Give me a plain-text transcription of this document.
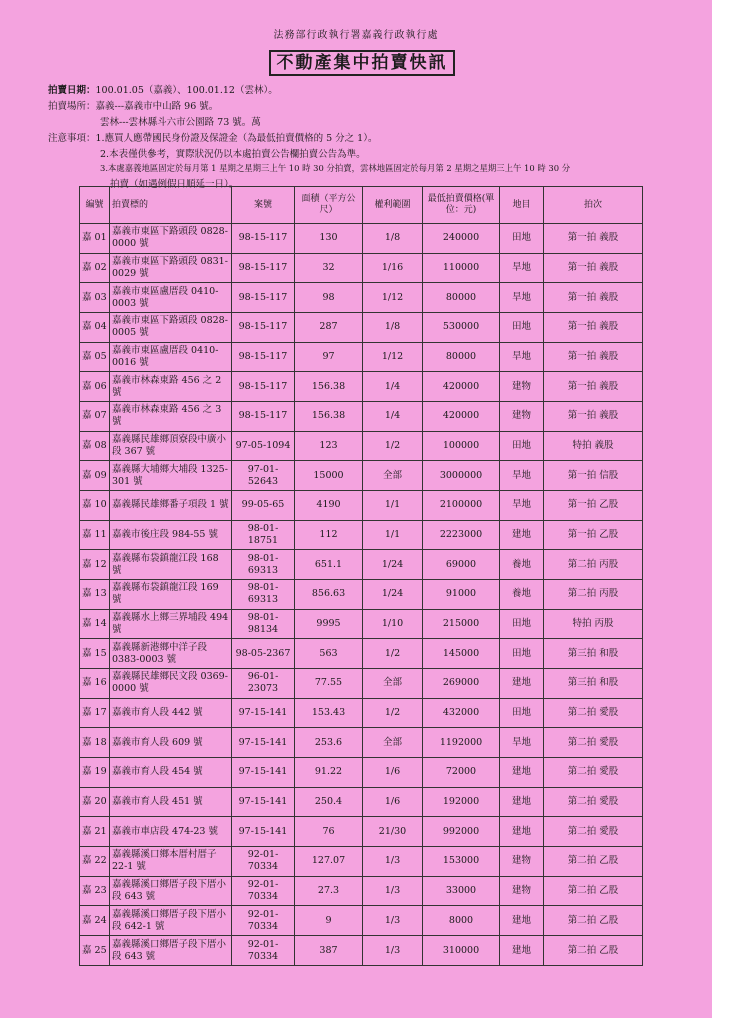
法務部行政執行署嘉義行政執行處
不動產集中拍賣快訊
拍賣日期：100.01.05（嘉義）、100.01.12（雲林）。
拍賣場所：嘉義---嘉義市中山路 96 號。
雲林---雲林縣斗六市公園路 73 號。萬
注意事項：1.應買人應帶國民身份證及保證金（為最低拍賣價格的 5 分之 1）。
2.本表僅供參考，實際狀況仍以本處拍賣公告欄拍賣公告為準。
3.本處嘉義地區固定於每月第 1 星期之星期三上午 10 時 30 分拍賣，雲林地區固定於每月第 2 星期之星期三上午 10 時 30 分
拍賣（如遇例假日順延一日）。
編號	拍賣標的	案號	面積（平方公尺）	權利範圍	最低拍賣價格(單位：元)	地目	拍次
嘉 01	嘉義市東區下路頭段 0828-0000 號	98-15-117	130	1/8	240000	田地	第一拍 義股
嘉 02	嘉義市東區下路頭段 0831-0029 號	98-15-117	32	1/16	110000	旱地	第一拍 義股
嘉 03	嘉義市東區盧厝段 0410-0003 號	98-15-117	98	1/12	80000	旱地	第一拍 義股
嘉 04	嘉義市東區下路頭段 0828-0005 號	98-15-117	287	1/8	530000	田地	第一拍 義股
嘉 05	嘉義市東區盧厝段 0410-0016 號	98-15-117	97	1/12	80000	旱地	第一拍 義股
嘉 06	嘉義市林森東路 456 之 2 號	98-15-117	156.38	1/4	420000	建物	第一拍 義股
嘉 07	嘉義市林森東路 456 之 3 號	98-15-117	156.38	1/4	420000	建物	第一拍 義股
嘉 08	嘉義縣民雄鄉頂寮段中廣小段 367 號	97-05-1094	123	1/2	100000	田地	特拍 義股
嘉 09	嘉義縣大埔鄉大埔段 1325-301 號	97-01-52643	15000	全部	3000000	旱地	第一拍 信股
嘉 10	嘉義縣民雄鄉番子項段 1 號	99-05-65	4190	1/1	2100000	旱地	第一拍 乙股
嘉 11	嘉義市後庄段 984-55 號	98-01-18751	112	1/1	2223000	建地	第一拍 乙股
嘉 12	嘉義縣布袋鎮龍江段 168 號	98-01-69313	651.1	1/24	69000	養地	第二拍 丙股
嘉 13	嘉義縣布袋鎮龍江段 169 號	98-01-69313	856.63	1/24	91000	養地	第二拍 丙股
嘉 14	嘉義縣水上鄉三界埔段 494 號	98-01-98134	9995	1/10	215000	田地	特拍 丙股
嘉 15	嘉義縣新港鄉中洋子段 0383-0003 號	98-05-2367	563	1/2	145000	田地	第三拍 和股
嘉 16	嘉義縣民雄鄉民文段 0369-0000 號	96-01-23073	77.55	全部	269000	建地	第三拍 和股
嘉 17	嘉義市育人段 442 號	97-15-141	153.43	1/2	432000	田地	第二拍 愛股
嘉 18	嘉義市育人段 609 號	97-15-141	253.6	全部	1192000	旱地	第二拍 愛股
嘉 19	嘉義市育人段 454 號	97-15-141	91.22	1/6	72000	建地	第二拍 愛股
嘉 20	嘉義市育人段 451 號	97-15-141	250.4	1/6	192000	建地	第二拍 愛股
嘉 21	嘉義市車店段 474-23 號	97-15-141	76	21/30	992000	建地	第二拍 愛股
嘉 22	嘉義縣溪口鄉本厝村厝子 22-1 號	92-01-70334	127.07	1/3	153000	建物	第二拍 乙股
嘉 23	嘉義縣溪口鄉厝子段下厝小段 643 號	92-01-70334	27.3	1/3	33000	建物	第二拍 乙股
嘉 24	嘉義縣溪口鄉厝子段下厝小段 642-1 號	92-01-70334	9	1/3	8000	建地	第二拍 乙股
嘉 25	嘉義縣溪口鄉厝子段下厝小段 643 號	92-01-70334	387	1/3	310000	建地	第二拍 乙股
